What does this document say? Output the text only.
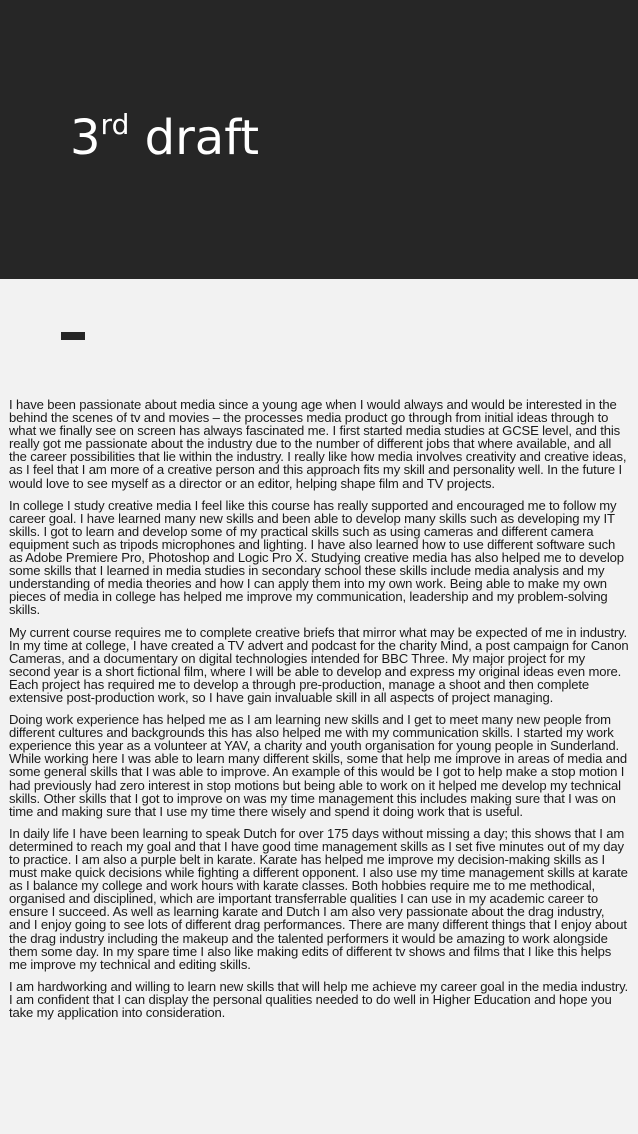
3rd draft

I have been passionate about media since a young age when I would always and would be interested in the behind the scenes of tv and movies – the processes media product go through from initial ideas through to what we finally see on screen has always fascinated me. I first started media studies at GCSE level, and this really got me passionate about the industry due to the number of different jobs that where available, and all the career possibilities that lie within the industry. I really like how media involves creativity and creative ideas, as I feel that I am more of a creative person and this approach fits my skill and personality well. In the future I would love to see myself as a director or an editor, helping shape film and TV projects.

In college I study creative media I feel like this course has really supported and encouraged me to follow my career goal. I have learned many new skills and been able to develop many skills such as developing my IT skills. I got to learn and develop some of my practical skills such as using cameras and different camera equipment such as tripods microphones and lighting. I have also learned how to use different software such as Adobe Premiere Pro, Photoshop and Logic Pro X. Studying creative media has also helped me to develop some skills that I learned in media studies in secondary school these skills include media analysis and my understanding of media theories and how I can apply them into my own work. Being able to make my own pieces of media in college has helped me improve my communication, leadership and my problem-solving skills.

My current course requires me to complete creative briefs that mirror what may be expected of me in industry. In my time at college, I have created a TV advert and podcast for the charity Mind, a post campaign for Canon Cameras, and a documentary on digital technologies intended for BBC Three. My major project for my second year is a short fictional film, where I will be able to develop and express my original ideas even more. Each project has required me to develop a through pre-production, manage a shoot and then complete extensive post-production work, so I have gain invaluable skill in all aspects of project managing.

Doing work experience has helped me as I am learning new skills and I get to meet many new people from different cultures and backgrounds this has also helped me with my communication skills. I started my work experience this year as a volunteer at YAV, a charity and youth organisation for young people in Sunderland. While working here I was able to learn many different skills, some that help me improve in areas of media and some general skills that I was able to improve. An example of this would be I got to help make a stop motion I had previously had zero interest in stop motions but being able to work on it helped me develop my technical skills. Other skills that I got to improve on was my time management this includes making sure that I was on time and making sure that I use my time there wisely and spend it doing work that is useful.

In daily life I have been learning to speak Dutch for over 175 days without missing a day; this shows that I am determined to reach my goal and that I have good time management skills as I set five minutes out of my day to practice. I am also a purple belt in karate. Karate has helped me improve my decision-making skills as I must make quick decisions while fighting a different opponent. I also use my time management skills at karate as I balance my college and work hours with karate classes. Both hobbies require me to me methodical, organised and disciplined, which are important transferrable qualities I can use in my academic career to ensure I succeed. As well as learning karate and Dutch I am also very passionate about the drag industry, and I enjoy going to see lots of different drag performances. There are many different things that I enjoy about the drag industry including the makeup and the talented performers it would be amazing to work alongside them some day. In my spare time I also like making edits of different tv shows and films that I like this helps me improve my technical and editing skills.

I am hardworking and willing to learn new skills that will help me achieve my career goal in the media industry. I am confident that I can display the personal qualities needed to do well in Higher Education and hope you take my application into consideration.
